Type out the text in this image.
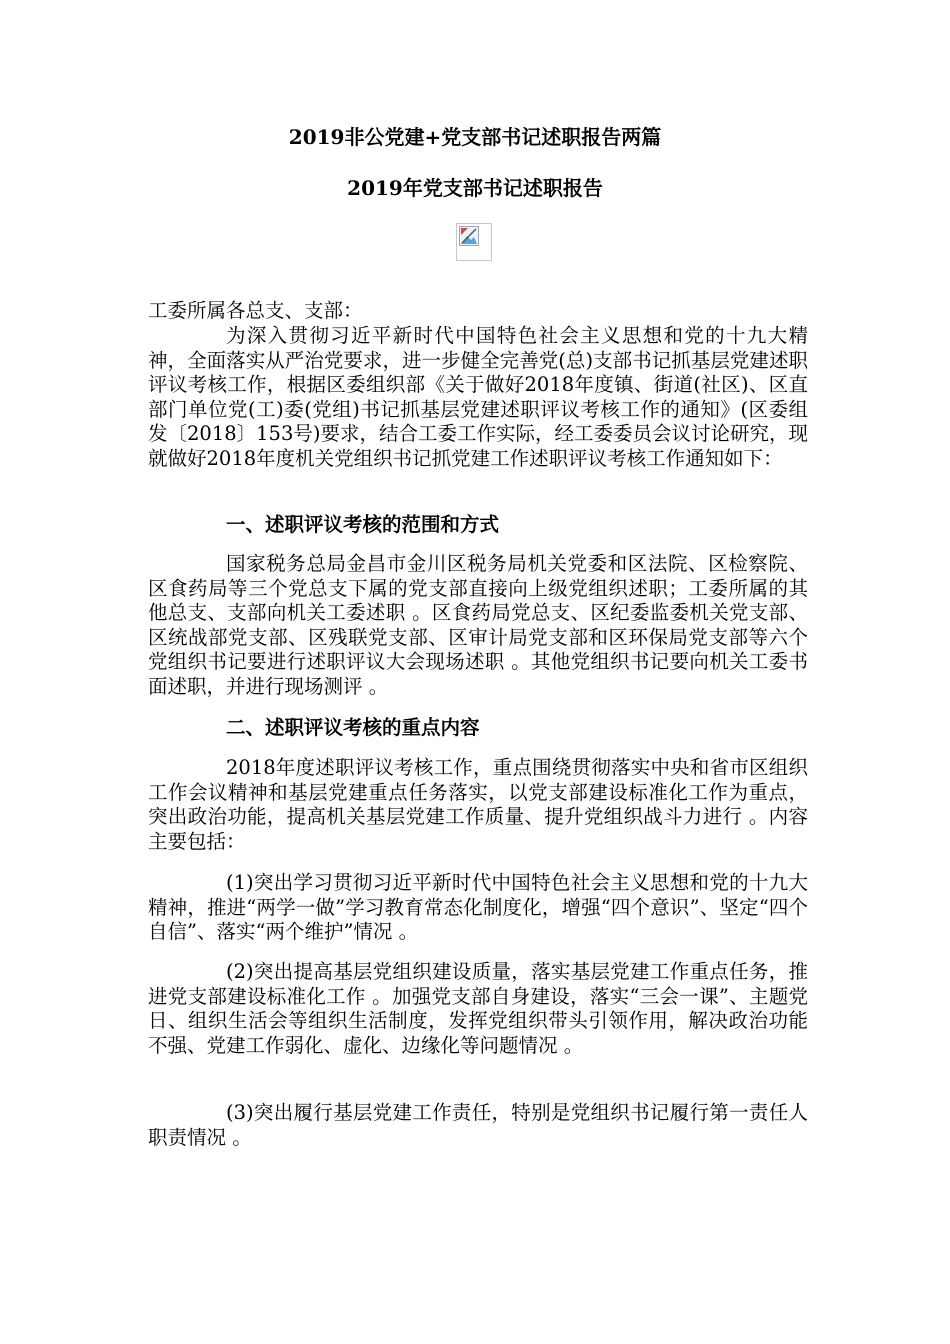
2019非公党建+党支部书记述职报告两篇
2019年党支部书记述职报告
工委所属各总支、支部：
为深入贯彻习近平新时代中国特色社会主义思想和党的十九大精神，全面落实从严治党要求，进一步健全完善党(总)支部书记抓基层党建述职评议考核工作，根据区委组织部《关于做好2018年度镇、街道(社区)、区直部门单位党(工)委(党组)书记抓基层党建述职评议考核工作的通知》(区委组发〔2018〕153号)要求，结合工委工作实际，经工委委员会议讨论研究，现就做好2018年度机关党组织书记抓党建工作述职评议考核工作通知如下：
一、述职评议考核的范围和方式
国家税务总局金昌市金川区税务局机关党委和区法院、区检察院、区食药局等三个党总支下属的党支部直接向上级党组织述职；工委所属的其他总支、支部向机关工委述职 。区食药局党总支、区纪委监委机关党支部、区统战部党支部、区残联党支部、区审计局党支部和区环保局党支部等六个党组织书记要进行述职评议大会现场述职 。其他党组织书记要向机关工委书面述职，并进行现场测评 。
二、述职评议考核的重点内容
2018年度述职评议考核工作，重点围绕贯彻落实中央和省市区组织工作会议精神和基层党建重点任务落实，以党支部建设标准化工作为重点，突出政治功能，提高机关基层党建工作质量、提升党组织战斗力进行 。内容主要包括：
(1)突出学习贯彻习近平新时代中国特色社会主义思想和党的十九大精神，推进“两学一做”学习教育常态化制度化，增强“四个意识”、坚定“四个自信”、落实“两个维护”情况 。
(2)突出提高基层党组织建设质量，落实基层党建工作重点任务，推进党支部建设标准化工作 。加强党支部自身建设，落实“三会一课”、主题党日、组织生活会等组织生活制度，发挥党组织带头引领作用，解决政治功能不强、党建工作弱化、虚化、边缘化等问题情况 。
(3)突出履行基层党建工作责任，特别是党组织书记履行第一责任人职责情况 。
